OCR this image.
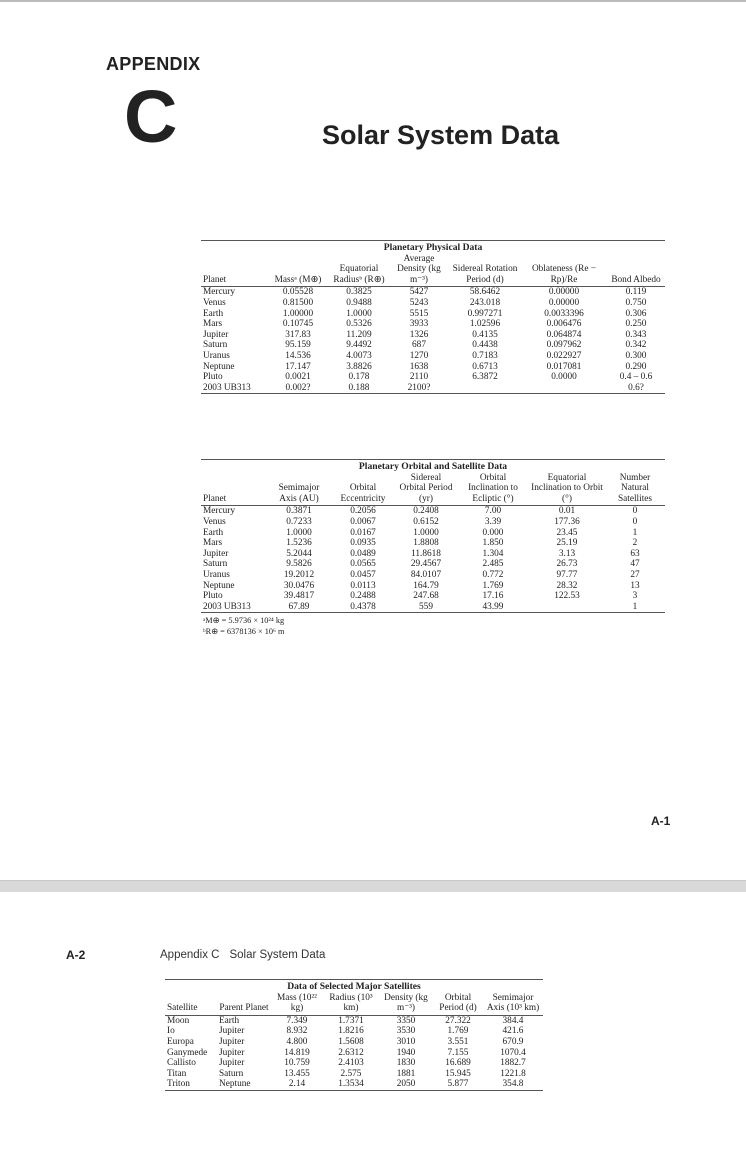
APPENDIX
C	Solar System Data
Planetary Physical Data
Planet	Massᵃ (M⊕)	Equatorial Radiusᵇ (R⊕)	Average Density (kg m⁻³)	Sidereal Rotation Period (d)	Oblateness (Re − Rp)/Re	Bond Albedo
Mercury	0.05528	0.3825	5427	58.6462	0.00000	0.119
Venus	0.81500	0.9488	5243	243.018	0.00000	0.750
Earth	1.00000	1.0000	5515	0.997271	0.0033396	0.306
Mars	0.10745	0.5326	3933	1.02596	0.006476	0.250
Jupiter	317.83	11.209	1326	0.4135	0.064874	0.343
Saturn	95.159	9.4492	687	0.4438	0.097962	0.342
Uranus	14.536	4.0073	1270	0.7183	0.022927	0.300
Neptune	17.147	3.8826	1638	0.6713	0.017081	0.290
Pluto	0.0021	0.178	2110	6.3872	0.0000	0.4 – 0.6
2003 UB313	0.002?	0.188	2100?			0.6?
Planetary Orbital and Satellite Data
Planet	Semimajor Axis (AU)	Orbital Eccentricity	Sidereal Orbital Period (yr)	Orbital Inclination to Ecliptic (°)	Equatorial Inclination to Orbit (°)	Number Natural Satellites
Mercury	0.3871	0.2056	0.2408	7.00	0.01	0
Venus	0.7233	0.0067	0.6152	3.39	177.36	0
Earth	1.0000	0.0167	1.0000	0.000	23.45	1
Mars	1.5236	0.0935	1.8808	1.850	25.19	2
Jupiter	5.2044	0.0489	11.8618	1.304	3.13	63
Saturn	9.5826	0.0565	29.4567	2.485	26.73	47
Uranus	19.2012	0.0457	84.0107	0.772	97.77	27
Neptune	30.0476	0.0113	164.79	1.769	28.32	13
Pluto	39.4817	0.2488	247.68	17.16	122.53	3
2003 UB313	67.89	0.4378	559	43.99		1
ᵃM⊕ = 5.9736 × 10²⁴ kg
ᵇR⊕ = 6378136 × 10⁶ m
A-1
A-2	Appendix C Solar System Data
Data of Selected Major Satellites
Satellite	Parent Planet	Mass (10²² kg)	Radius (10³ km)	Density (kg m⁻³)	Orbital Period (d)	Semimajor Axis (10³ km)
Moon	Earth	7.349	1.7371	3350	27.322	384.4
Io	Jupiter	8.932	1.8216	3530	1.769	421.6
Europa	Jupiter	4.800	1.5608	3010	3.551	670.9
Ganymede	Jupiter	14.819	2.6312	1940	7.155	1070.4
Callisto	Jupiter	10.759	2.4103	1830	16.689	1882.7
Titan	Saturn	13.455	2.575	1881	15.945	1221.8
Triton	Neptune	2.14	1.3534	2050	5.877	354.8
